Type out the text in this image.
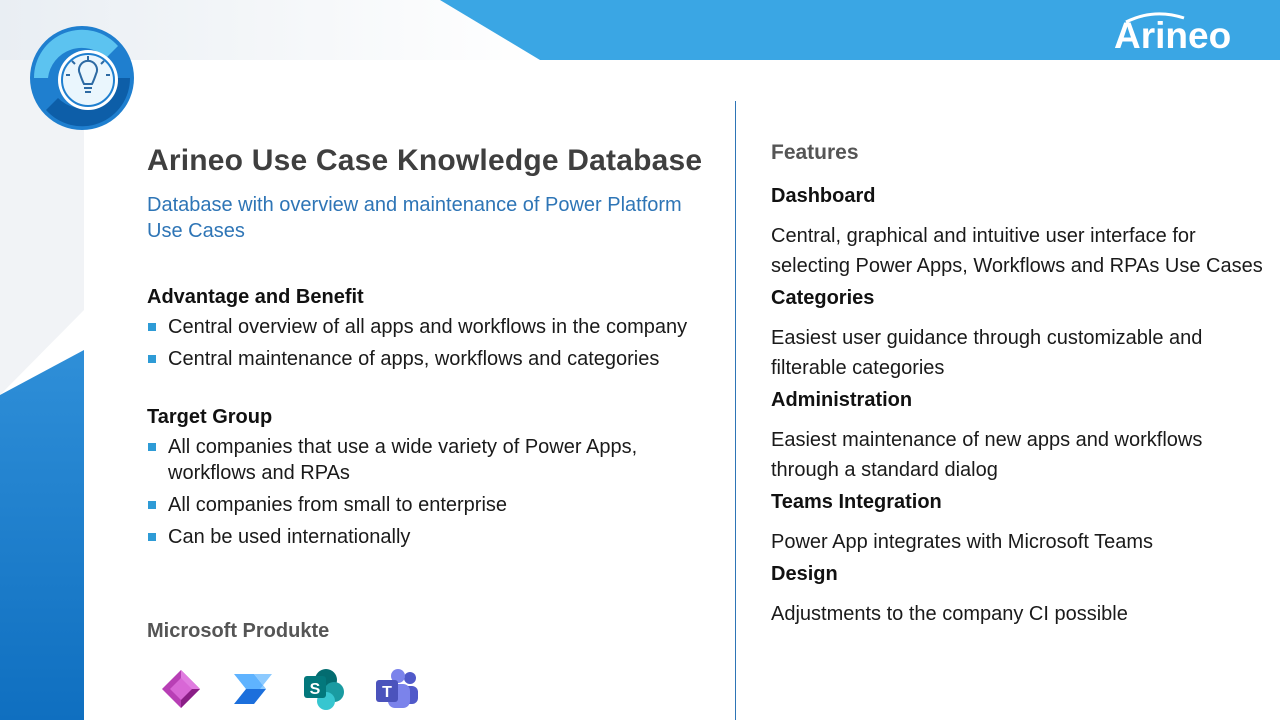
Arineo
Arineo Use Case Knowledge Database
Database with overview and maintenance of Power Platform Use Cases
Advantage and Benefit
Central overview of all apps and workflows in the company
Central maintenance of apps, workflows and categories
Target Group
All companies that use a wide variety of Power Apps, workflows and RPAs
All companies from small to enterprise
Can be used internationally
Microsoft Produkte
S	T
Features
Dashboard
Central, graphical and intuitive user interface for selecting Power Apps, Workflows and RPAs Use Cases
Categories
Easiest user guidance through customizable and filterable categories
Administration
Easiest maintenance of new apps and workflows through a standard dialog
Teams Integration
Power App integrates with Microsoft Teams
Design
Adjustments to the company CI possible
